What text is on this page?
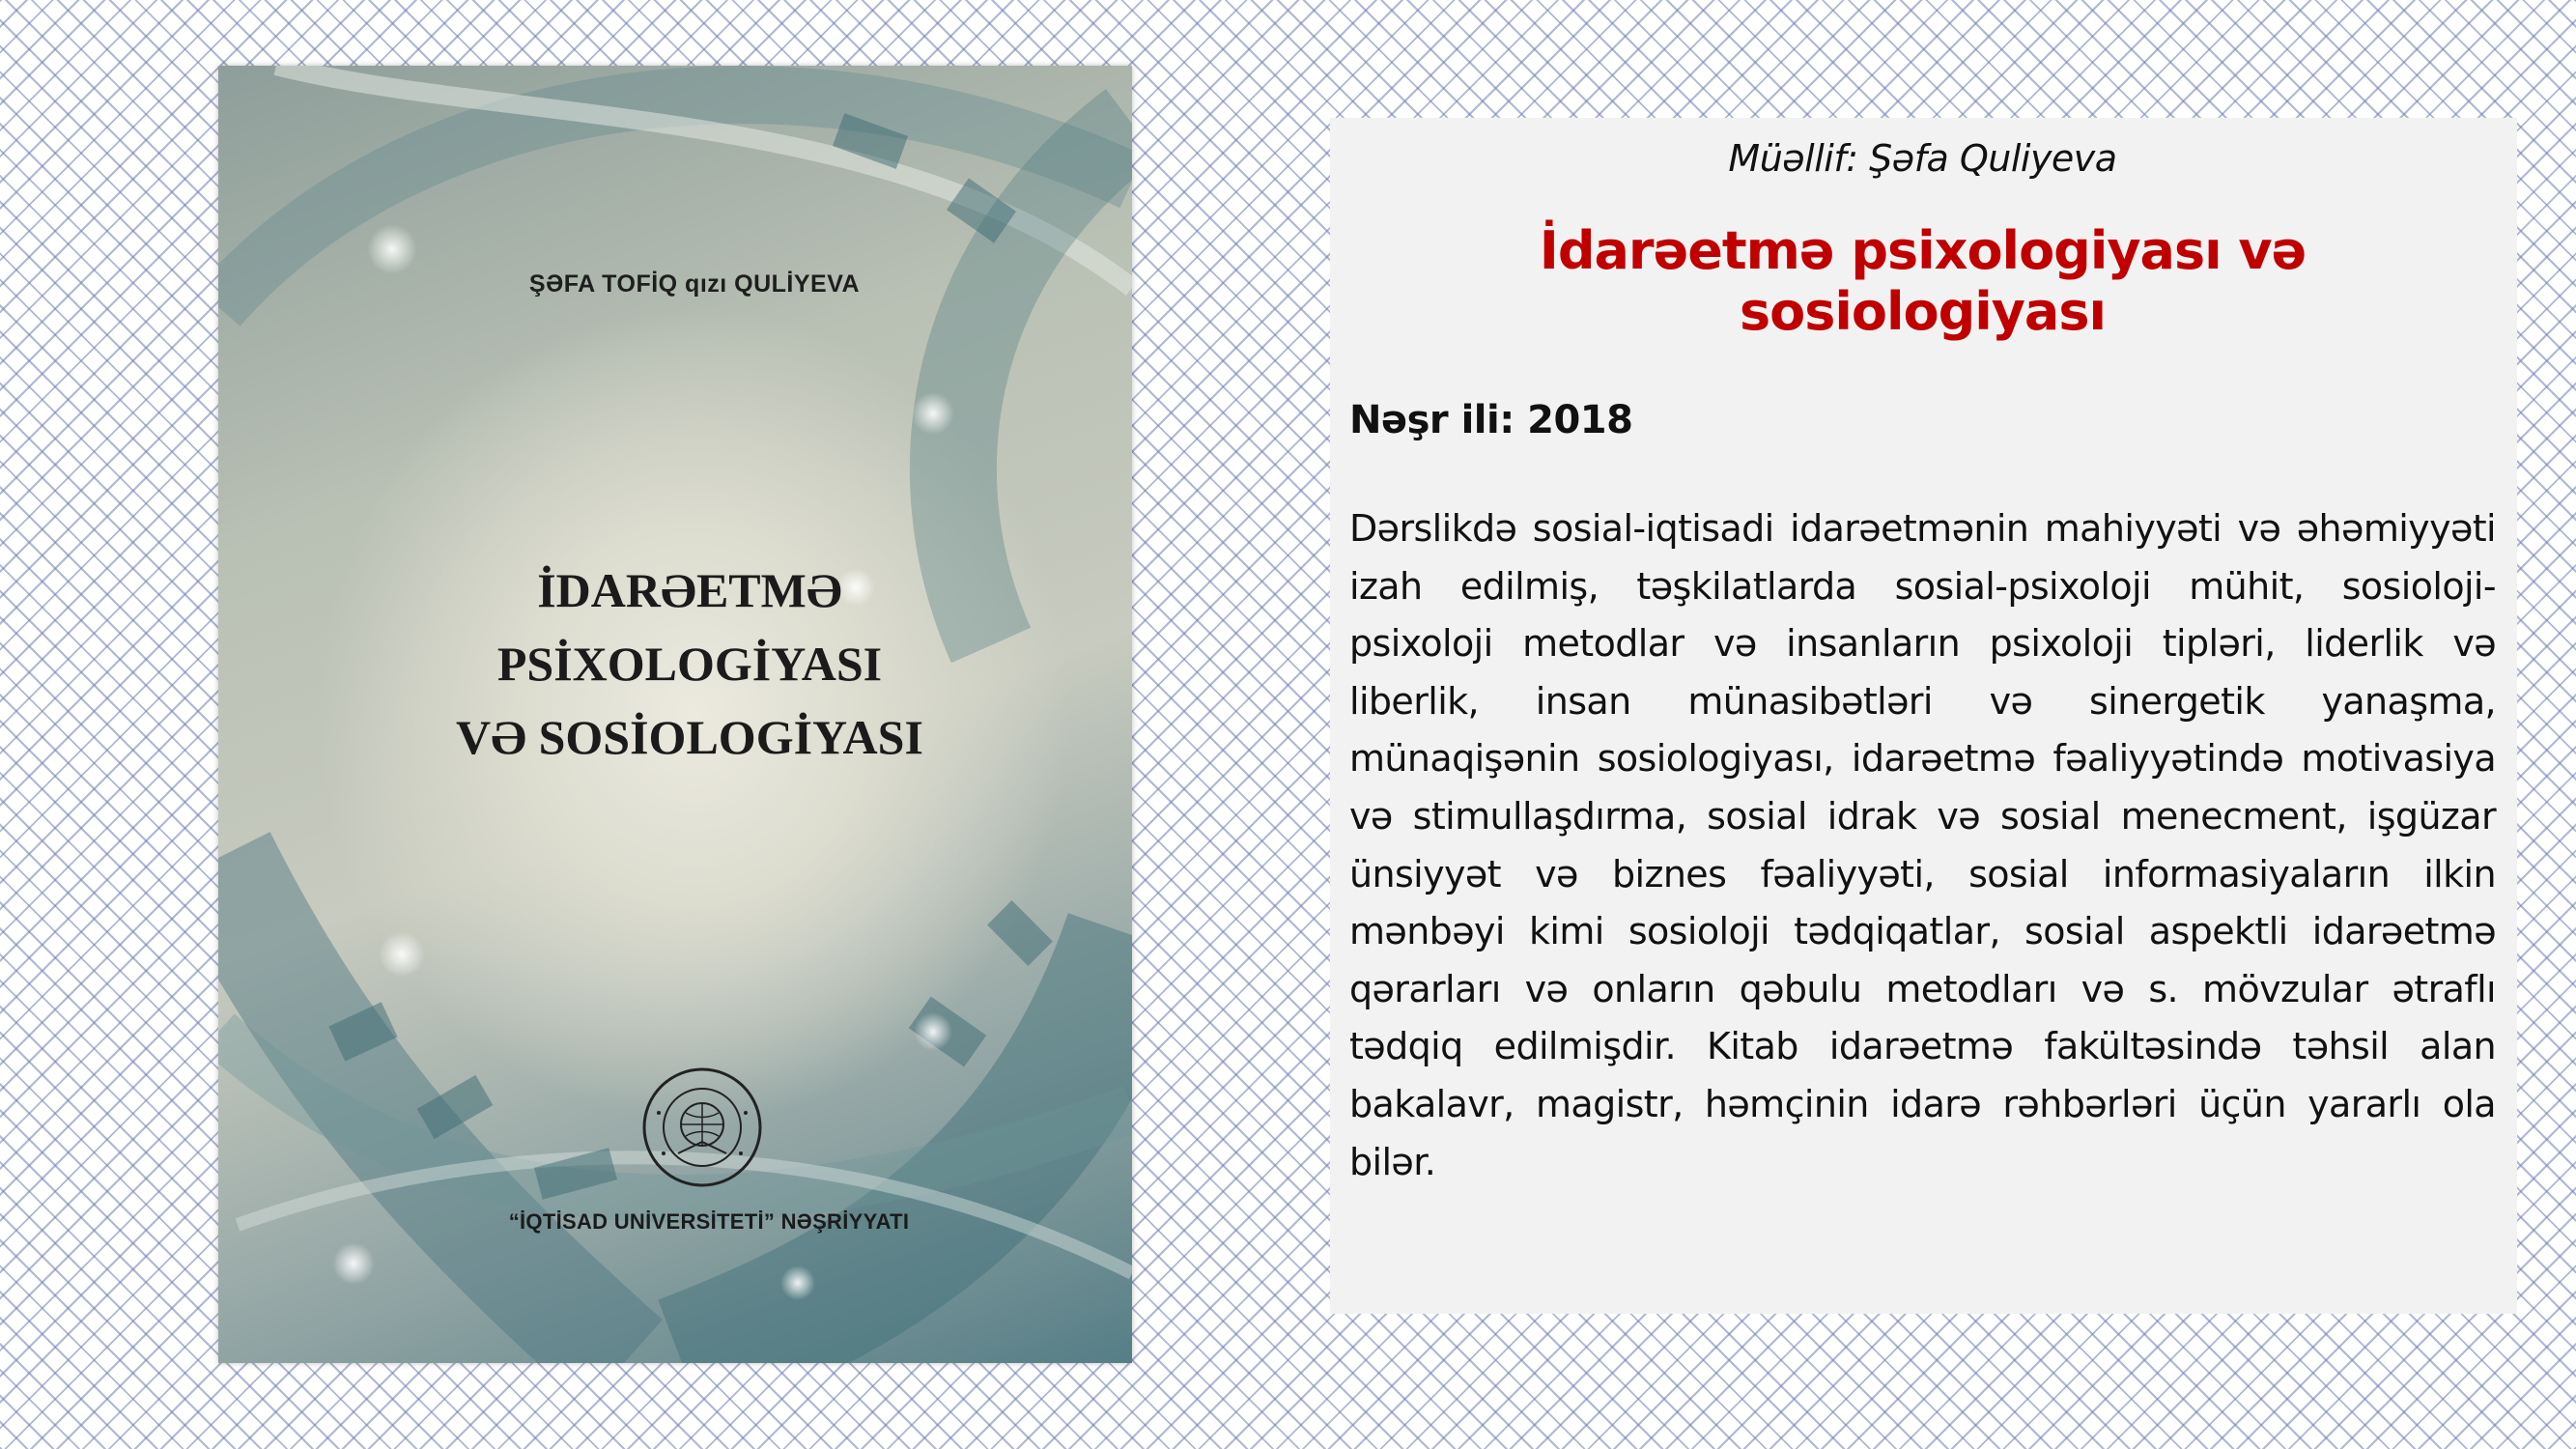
ŞƏFA TOFİQ qızı QULİYEVA
İDARƏETMƏ
PSİXOLOGİYASI
VƏ SOSİOLOGİYASI
“İQTİSAD UNİVERSİTETİ” NƏŞRİYYATI
Müəllif: Şəfa Quliyeva
İdarəetmə psixologiyası və sosiologiyası
Nəşr ili: 2018
Dərslikdə sosial-iqtisadi idarəetmənin mahiyyəti və əhəmiyyəti izah edilmiş, təşkilatlarda sosial-psixoloji mühit, sosioloji-psixoloji metodlar və insanların psixoloji tipləri, liderlik və liberlik, insan münasibətləri və sinergetik yanaşma, münaqişənin sosiologiyası, idarəetmə fəaliyyətində motivasiya və stimullaşdırma, sosial idrak və sosial menecment, işgüzar ünsiyyət və biznes fəaliyyəti, sosial informasiyaların ilkin mənbəyi kimi sosioloji tədqiqatlar, sosial aspektli idarəetmə qərarları və onların qəbulu metodları və s. mövzular ətraflı tədqiq edilmişdir. Kitab idarəetmə fakültəsində təhsil alan bakalavr, magistr, həmçinin idarə rəhbərləri üçün yararlı ola bilər.
